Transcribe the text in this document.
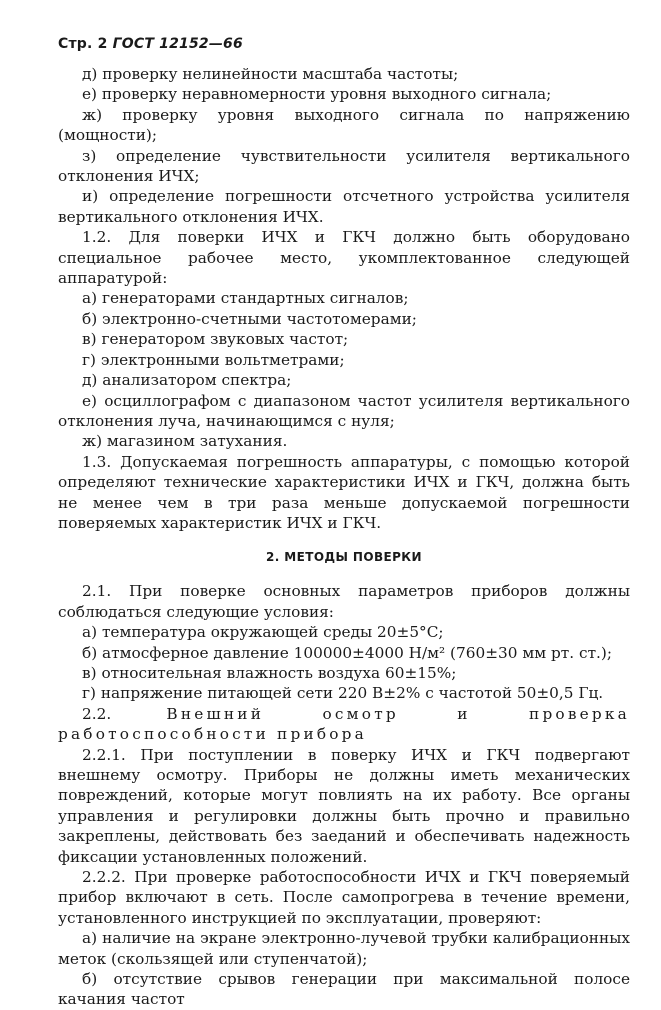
Стр. 2 ГОСТ 12152—66

д) проверку нелинейности масштаба частоты;

е) проверку неравномерности уровня выходного сигнала;

ж) проверку уровня выходного сигнала по напряжению (мощности);

з) определение чувствительности усилителя вертикального отклонения ИЧХ;

и) определение погрешности отсчетного устройства усилителя вертикального отклонения ИЧХ.

1.2. Для поверки ИЧХ и ГКЧ должно быть оборудовано специальное рабочее место, укомплектованное следующей аппаратурой:

а) генераторами стандартных сигналов;

б) электронно-счетными частотомерами;

в) генератором звуковых частот;

г) электронными вольтметрами;

д) анализатором спектра;

е) осциллографом с диапазоном частот усилителя вертикального отклонения луча, начинающимся с нуля;

ж) магазином затухания.

1.3. Допускаемая погрешность аппаратуры, с помощью которой определяют технические характеристики ИЧХ и ГКЧ, должна быть не менее чем в три раза меньше допускаемой погрешности поверяемых характеристик ИЧХ и ГКЧ.

2. МЕТОДЫ ПОВЕРКИ

2.1. При поверке основных параметров приборов должны соблюдаться следующие условия:

а) температура окружающей среды 20±5°С;

б) атмосферное давление 100000±4000 Н/м² (760±30 мм рт. ст.);

в) относительная влажность воздуха 60±15%;

г) напряжение питающей сети 220 В±2% с частотой 50±0,5 Гц.

2.2.	Внешний осмотр и проверка работоспособности прибора

2.2.1. При поступлении в поверку ИЧХ и ГКЧ подвергают внешнему осмотру. Приборы не должны иметь механических повреждений, которые могут повлиять на их работу. Все органы управления и регулировки должны быть прочно и правильно закреплены, действовать без заеданий и обеспечивать надежность фиксации установленных положений.

2.2.2. При проверке работоспособности ИЧХ и ГКЧ поверяемый прибор включают в сеть. После самопрогрева в течение времени, установленного инструкцией по эксплуатации, проверяют:

а) наличие на экране электронно-лучевой трубки калибрационных меток (скользящей или ступенчатой);

б) отсутствие срывов генерации при максимальной полосе качания частот
